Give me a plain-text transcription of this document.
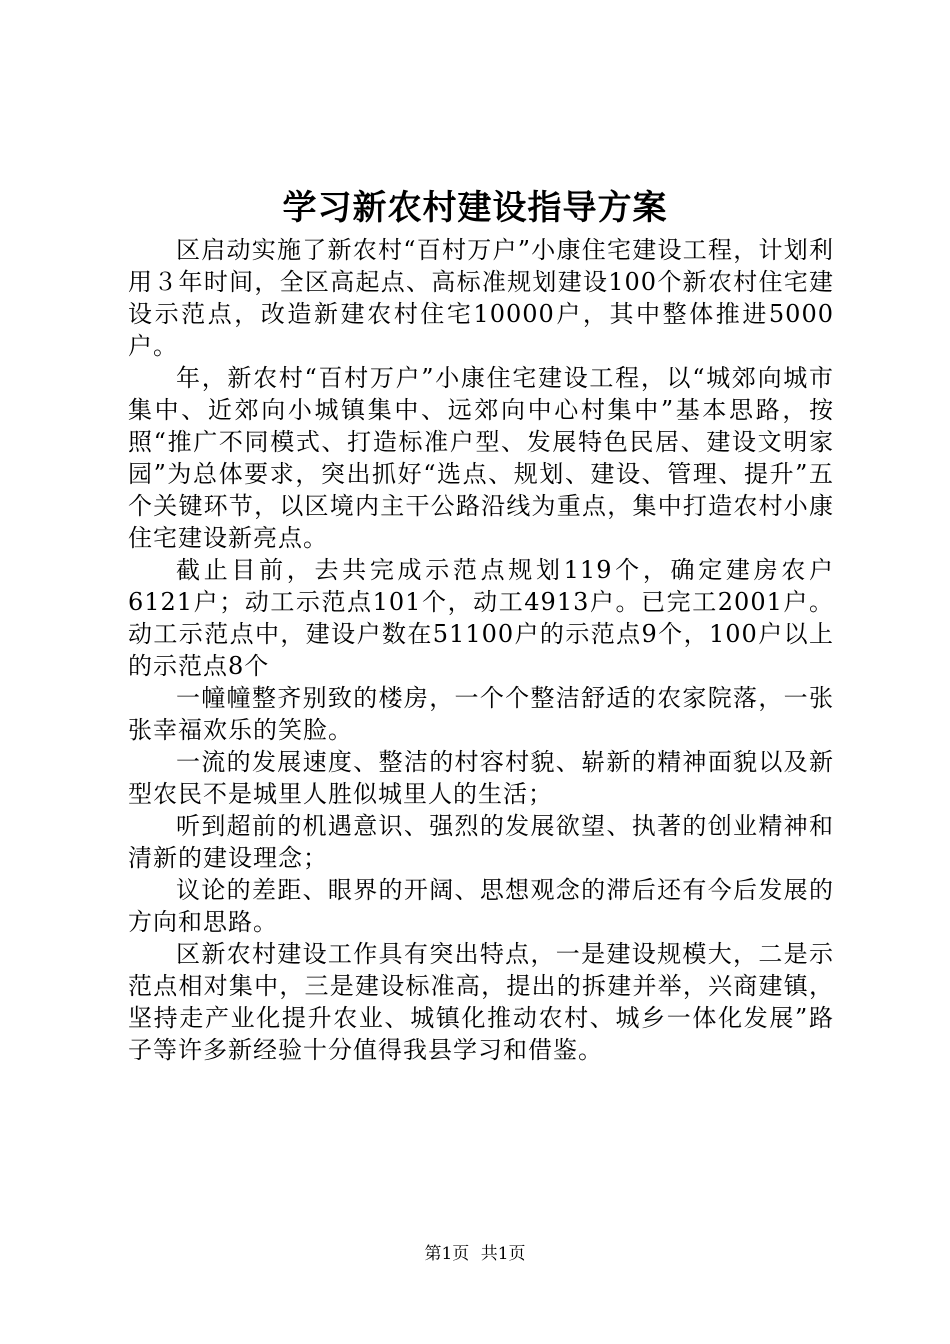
学习新农村建设指导方案

区启动实施了新农村“百村万户”小康住宅建设工程，计划利用３年时间，全区高起点、高标准规划建设100个新农村住宅建设示范点，改造新建农村住宅10000户，其中整体推进5000户。

年，新农村“百村万户”小康住宅建设工程，以“城郊向城市集中、近郊向小城镇集中、远郊向中心村集中”基本思路，按照“推广不同模式、打造标准户型、发展特色民居、建设文明家园”为总体要求，突出抓好“选点、规划、建设、管理、提升”五个关键环节，以区境内主干公路沿线为重点，集中打造农村小康住宅建设新亮点。

截止目前，去共完成示范点规划119个，确定建房农户6121户；动工示范点101个，动工4913户。已完工2001户。动工示范点中，建设户数在51100户的示范点9个，100户以上的示范点8个

一幢幢整齐别致的楼房，一个个整洁舒适的农家院落，一张张幸福欢乐的笑脸。

一流的发展速度、整洁的村容村貌、崭新的精神面貌以及新型农民不是城里人胜似城里人的生活；

听到超前的机遇意识、强烈的发展欲望、执著的创业精神和清新的建设理念；

议论的差距、眼界的开阔、思想观念的滞后还有今后发展的方向和思路。

区新农村建设工作具有突出特点，一是建设规模大，二是示范点相对集中，三是建设标准高，提出的拆建并举，兴商建镇，坚持走产业化提升农业、城镇化推动农村、城乡一体化发展”路子等许多新经验十分值得我县学习和借鉴。

第1页 共1页
